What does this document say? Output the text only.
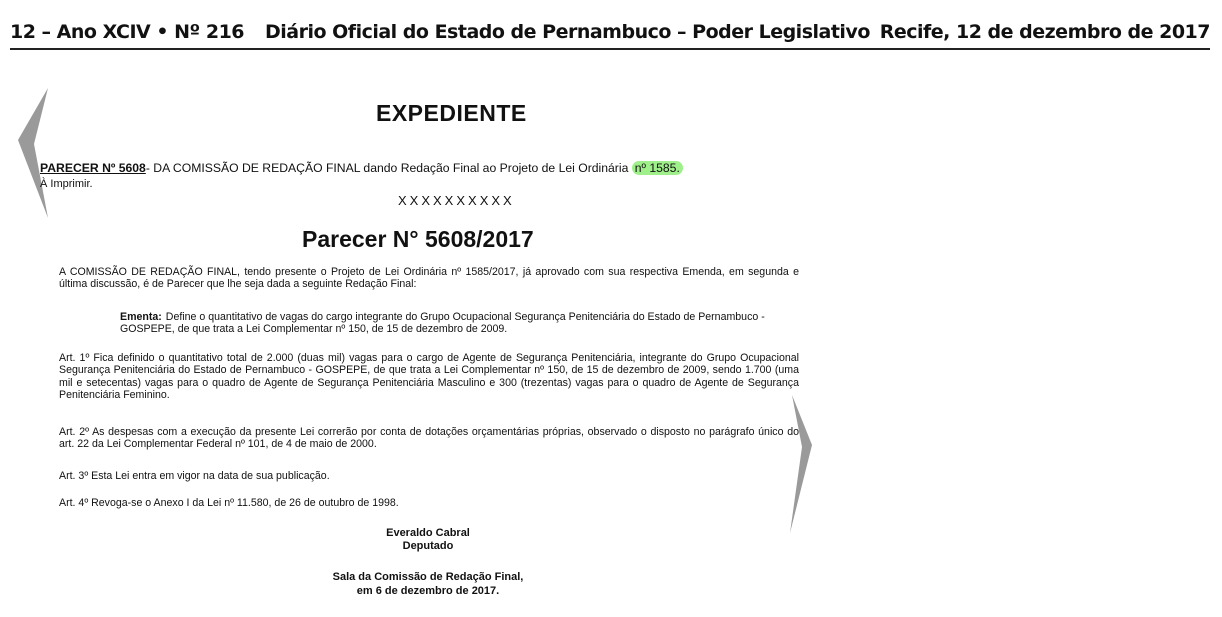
12 – Ano XCIV • Nº 216 Diário Oficial do Estado de Pernambuco – Poder Legislativo Recife, 12 de dezembro de 2017
EXPEDIENTE
PARECER Nº 5608- DA COMISSÃO DE REDAÇÃO FINAL dando Redação Final ao Projeto de Lei Ordinária nº 1585.
À Imprimir.
XXXXXXXXXX
Parecer N° 5608/2017
A COMISSÃO DE REDAÇÃO FINAL, tendo presente o Projeto de Lei Ordinária nº 1585/2017, já aprovado com sua respectiva Emenda, em segunda e última discussão, é de Parecer que lhe seja dada a seguinte Redação Final:
Ementa: Define o quantitativo de vagas do cargo integrante do Grupo Ocupacional Segurança Penitenciária do Estado de Pernambuco - GOSPEPE, de que trata a Lei Complementar nº 150, de 15 de dezembro de 2009.
Art. 1º Fica definido o quantitativo total de 2.000 (duas mil) vagas para o cargo de Agente de Segurança Penitenciária, integrante do Grupo Ocupacional Segurança Penitenciária do Estado de Pernambuco - GOSPEPE, de que trata a Lei Complementar nº 150, de 15 de dezembro de 2009, sendo 1.700 (uma mil e setecentas) vagas para o quadro de Agente de Segurança Penitenciária Masculino e 300 (trezentas) vagas para o quadro de Agente de Segurança Penitenciária Feminino.
Art. 2º As despesas com a execução da presente Lei correrão por conta de dotações orçamentárias próprias, observado o disposto no parágrafo único do art. 22 da Lei Complementar Federal nº 101, de 4 de maio de 2000.
Art. 3º Esta Lei entra em vigor na data de sua publicação.
Art. 4º Revoga-se o Anexo I da Lei nº 11.580, de 26 de outubro de 1998.
Everaldo Cabral
Deputado
Sala da Comissão de Redação Final,
em 6 de dezembro de 2017.
